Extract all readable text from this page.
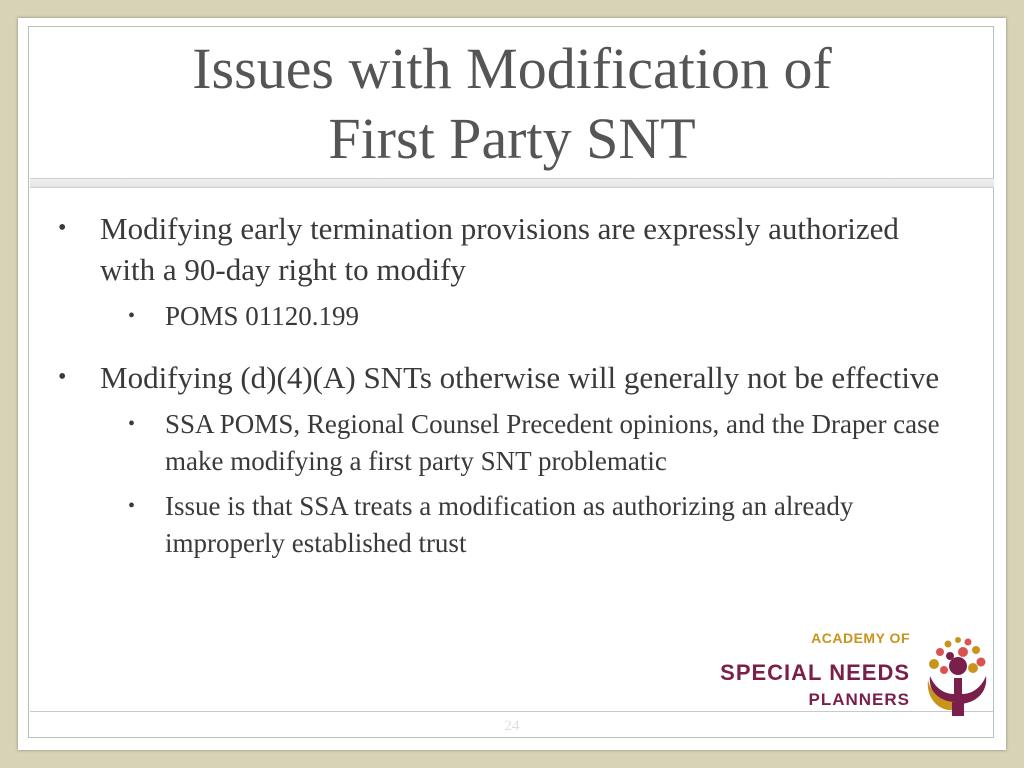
Issues with Modification of
First Party SNT
• Modifying early termination provisions are expressly authorized with a 90-day right to modify
• POMS 01120.199
• Modifying (d)(4)(A) SNTs otherwise will generally not be effective
• SSA POMS, Regional Counsel Precedent opinions, and the Draper case make modifying a first party SNT problematic
• Issue is that SSA treats a modification as authorizing an already improperly established trust
24
ACADEMY OF
SPECIAL NEEDS
PLANNERS
